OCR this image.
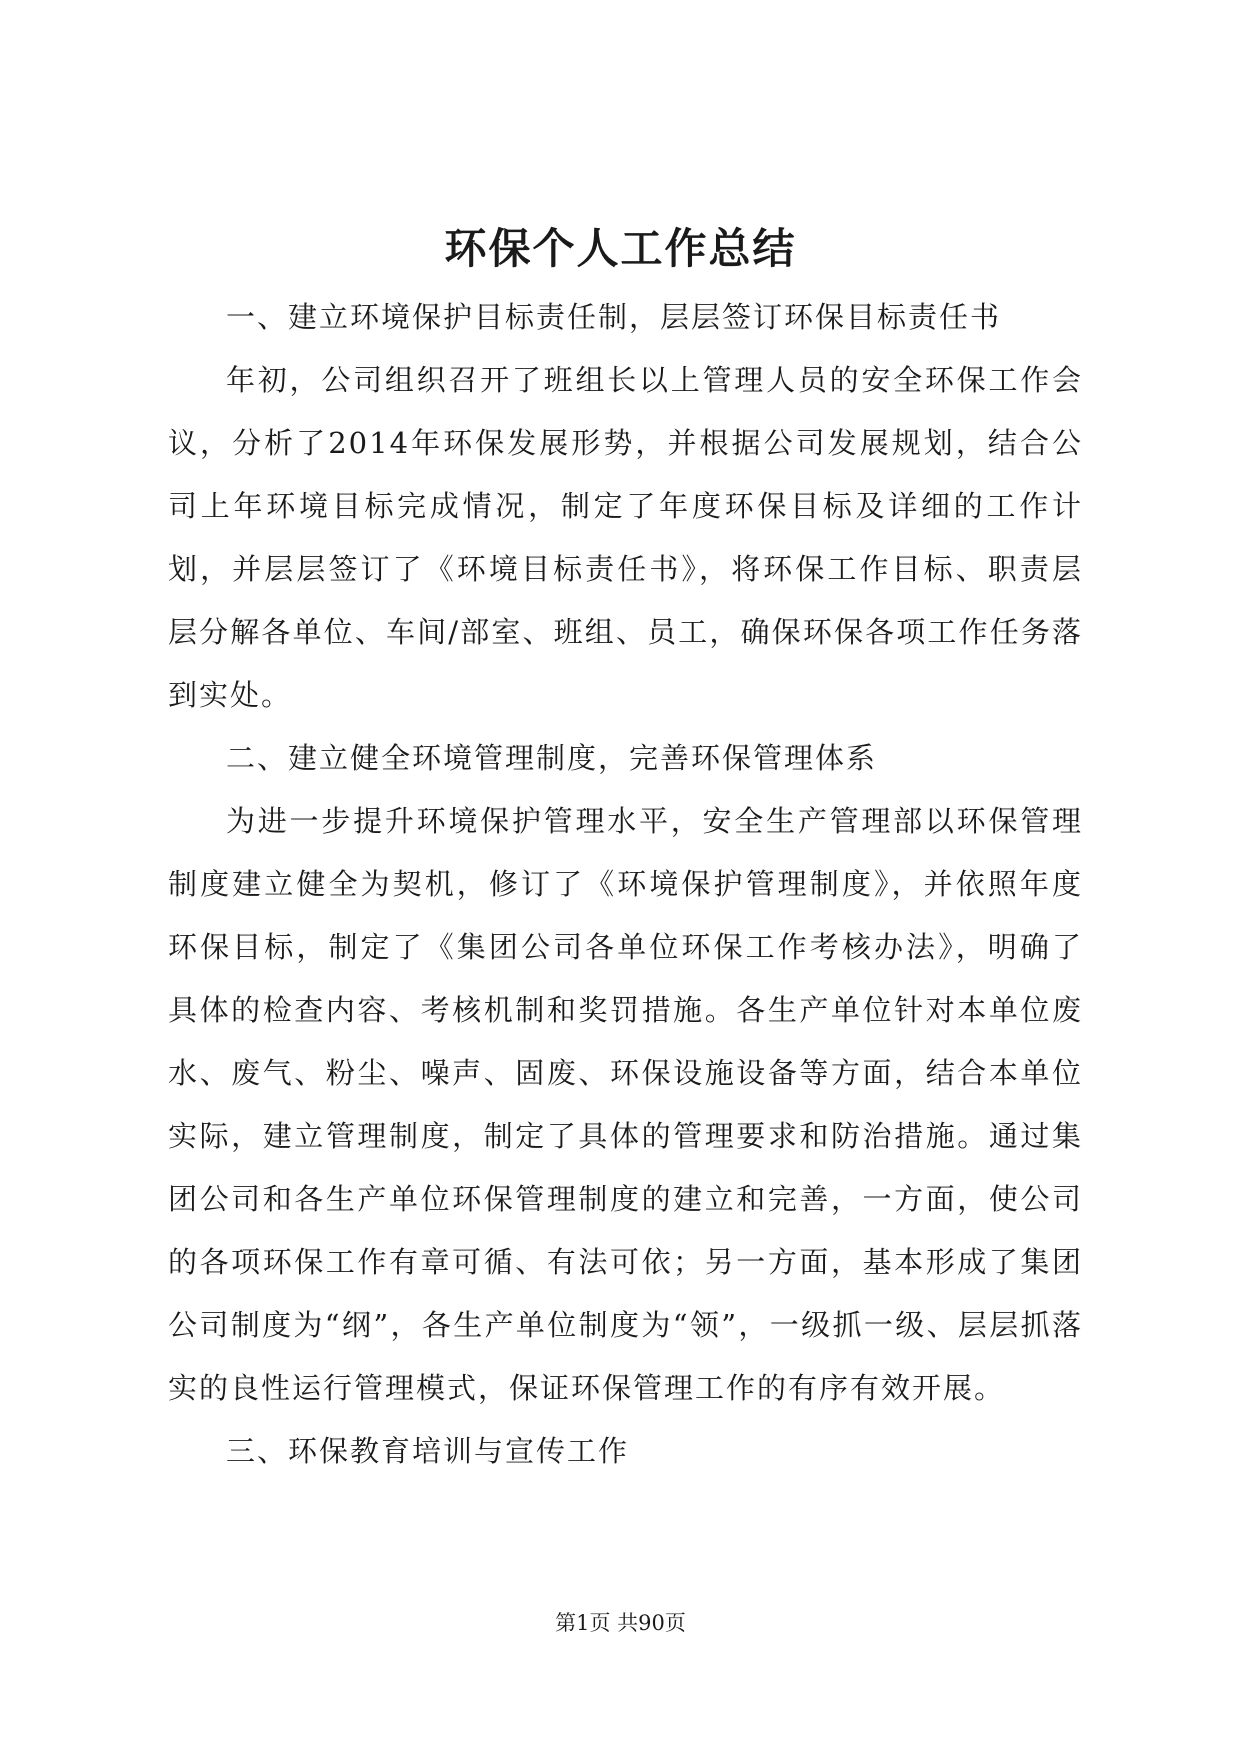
环保个人工作总结

一、建立环境保护目标责任制，层层签订环保目标责任书

年初，公司组织召开了班组长以上管理人员的安全环保工作会议，分析了2014年环保发展形势，并根据公司发展规划，结合公司上年环境目标完成情况，制定了年度环保目标及详细的工作计划，并层层签订了《环境目标责任书》，将环保工作目标、职责层层分解各单位、车间/部室、班组、员工，确保环保各项工作任务落到实处。

二、建立健全环境管理制度，完善环保管理体系

为进一步提升环境保护管理水平，安全生产管理部以环保管理制度建立健全为契机，修订了《环境保护管理制度》，并依照年度环保目标，制定了《集团公司各单位环保工作考核办法》，明确了具体的检查内容、考核机制和奖罚措施。各生产单位针对本单位废水、废气、粉尘、噪声、固废、环保设施设备等方面，结合本单位实际，建立管理制度，制定了具体的管理要求和防治措施。通过集团公司和各生产单位环保管理制度的建立和完善，一方面，使公司的各项环保工作有章可循、有法可依；另一方面，基本形成了集团公司制度为“纲”，各生产单位制度为“领”，一级抓一级、层层抓落实的良性运行管理模式，保证环保管理工作的有序有效开展。

三、环保教育培训与宣传工作

第1页 共90页
